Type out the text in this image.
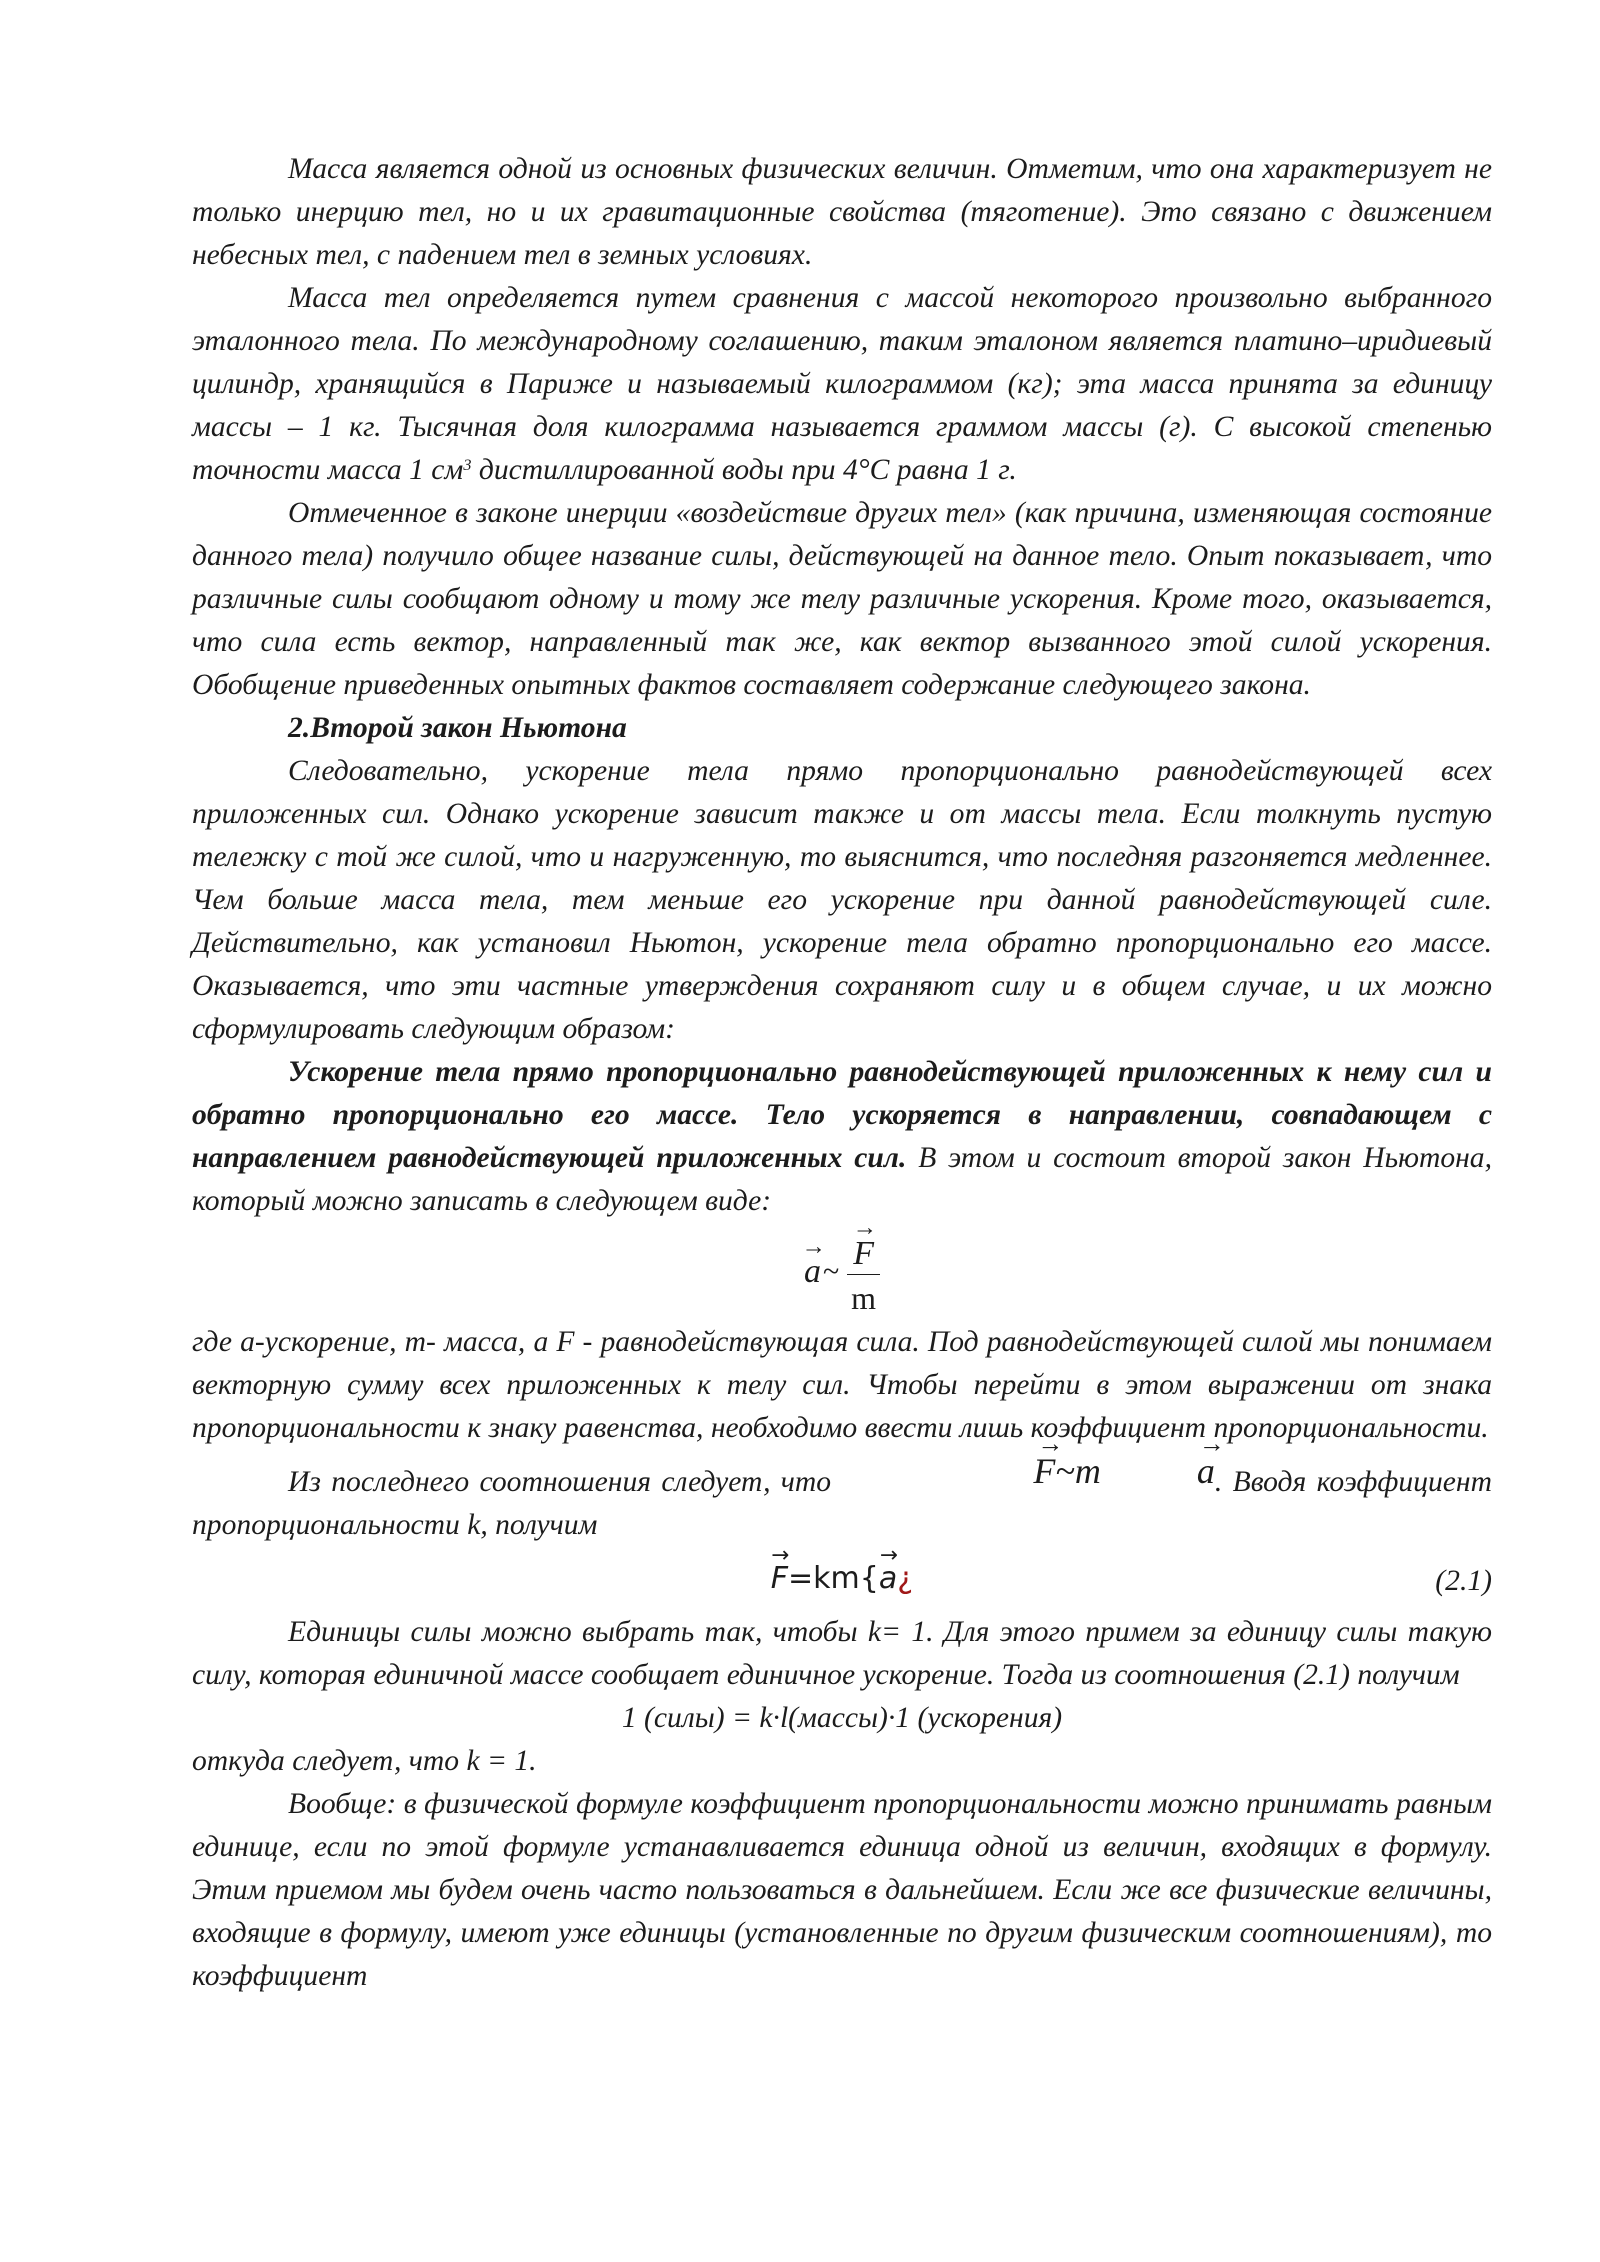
Масса является одной из основных физических величин. Отметим, что она характеризует не только инерцию тел, но и их гравитационные свойства (тяготение). Это связано с движением небесных тел, с падением тел в земных условиях.

Масса тел определяется путем сравнения с массой некоторого произвольно выбранного эталонного тела. По международному соглашению, таким эталоном является платино–иридиевый цилиндр, хранящийся в Париже и называемый килограммом (кг); эта масса принята за единицу массы – 1 кг. Тысячная доля килограмма называется граммом массы (г). С высокой степенью точности масса 1 $см^3$ дистиллированной воды при 4°С равна 1 г.

Отмеченное в законе инерции «воздействие других тел» (как причина, изменяющая состояние данного тела) получило общее название силы, действующей на данное тело. Опыт показывает, что различные силы сообщают одному и тому же телу различные ускорения. Кроме того, оказывается, что сила есть вектор, направленный так же, как вектор вызванного этой силой ускорения. Обобщение приведенных опытных фактов составляет содержание следующего закона.

2.Второй закон Ньютона

Следовательно, ускорение тела прямо пропорционально равнодействующей всех приложенных сил. Однако ускорение зависит также и от массы тела. Если толкнуть пустую тележку с той же силой, что и нагруженную, то выяснится, что последняя разгоняется медленнее. Чем больше масса тела, тем меньше его ускорение при данной равнодействующей силе. Действительно, как установил Ньютон, ускорение тела обратно пропорционально его массе. Оказывается, что эти частные утверждения сохраняют силу и в общем случае, и их можно сформулировать следующим образом:

Ускорение тела прямо пропорционально равнодействующей приложенных к нему сил и обратно пропорционально его массе. Тело ускоряется в направлении, совпадающем с направлением равнодействующей приложенных сил. В этом и состоит второй закон Ньютона, который можно записать в следующем виде:

→ a ~ → $\frac{F}{m}$

где а-ускорение, m- масса, а F - равнодействующая сила. Под равнодействующей силой мы понимаем векторную сумму всех приложенных к телу сил. Чтобы перейти в этом выражении от знака пропорциональности к знаку равенства, необходимо ввести лишь коэффициент пропорциональности.

Из последнего соотношения следует, что	→ F~m	→ a. Вводя коэффициент пропорциональности k, получим

→ F=km{→ a¿	(2.1)

Единицы силы можно выбрать так, чтобы k= 1. Для этого примем за единицу силы такую силу, которая единичной массе сообщает единичное ускорение. Тогда из соотношения (2.1) получим

1 (силы) = k·l(массы)·1 (ускорения)

откуда следует, что k = 1.

Вообще: в физической формуле коэффициент пропорциональности можно принимать равным единице, если по этой формуле устанавливается единица одной из величин, входящих в формулу. Этим приемом мы будем очень часто пользоваться в дальнейшем. Если же все физические величины, входящие в формулу, имеют уже единицы (установленные по другим физическим соотношениям), то коэффициент
